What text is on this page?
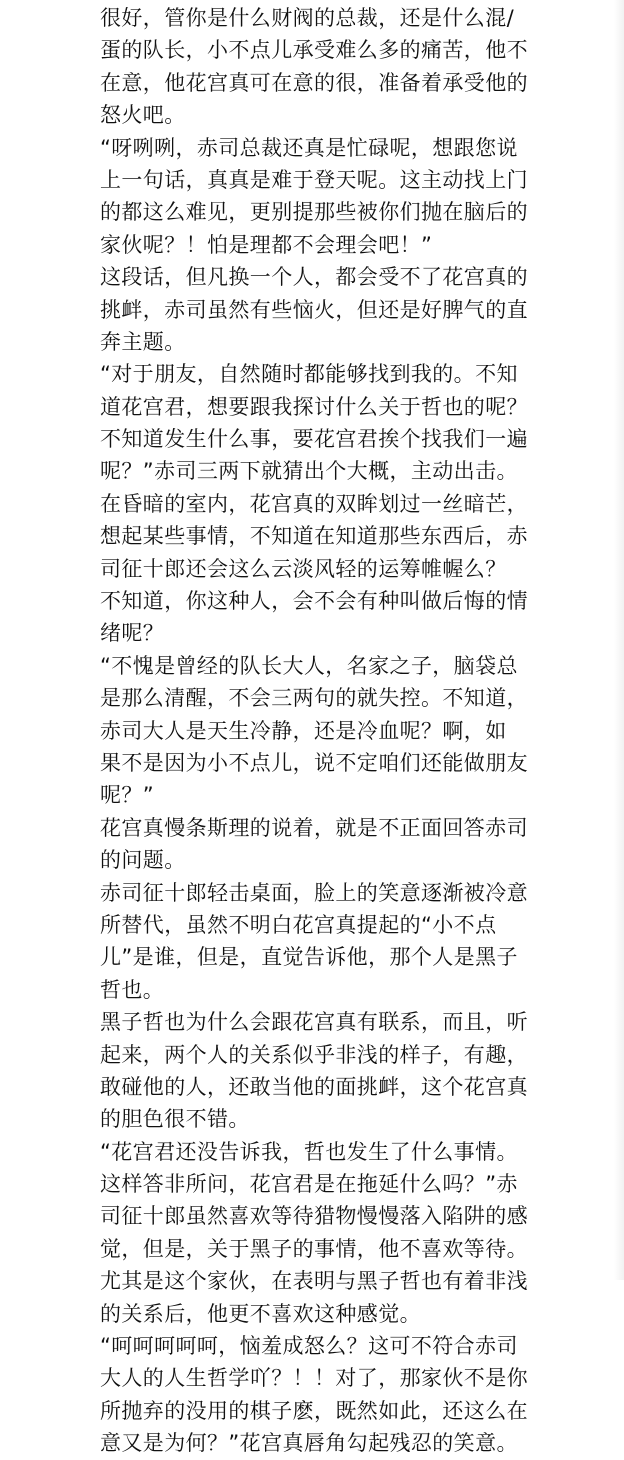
很好，管你是什么财阀的总裁，还是什么混/
蛋的队长，小不点儿承受难么多的痛苦，他不
在意，他花宫真可在意的很，准备着承受他的
怒火吧。
“呀咧咧，赤司总裁还真是忙碌呢，想跟您说
上一句话，真真是难于登天呢。这主动找上门
的都这么难见，更别提那些被你们抛在脑后的
家伙呢？！怕是理都不会理会吧！”
这段话，但凡换一个人，都会受不了花宫真的
挑衅，赤司虽然有些恼火，但还是好脾气的直
奔主题。
“对于朋友，自然随时都能够找到我的。不知
道花宫君，想要跟我探讨什么关于哲也的呢？
不知道发生什么事，要花宫君挨个找我们一遍
呢？”赤司三两下就猜出个大概，主动出击。
在昏暗的室内，花宫真的双眸划过一丝暗芒，
想起某些事情，不知道在知道那些东西后，赤
司征十郎还会这么云淡风轻的运筹帷幄么？
不知道，你这种人，会不会有种叫做后悔的情
绪呢？
“不愧是曾经的队长大人，名家之子，脑袋总
是那么清醒，不会三两句的就失控。不知道，
赤司大人是天生冷静，还是冷血呢？啊，如
果不是因为小不点儿，说不定咱们还能做朋友
呢？”
花宫真慢条斯理的说着，就是不正面回答赤司
的问题。
赤司征十郎轻击桌面，脸上的笑意逐渐被冷意
所替代，虽然不明白花宫真提起的“小不点
儿”是谁，但是，直觉告诉他，那个人是黑子
哲也。
黑子哲也为什么会跟花宫真有联系，而且，听
起来，两个人的关系似乎非浅的样子，有趣，
敢碰他的人，还敢当他的面挑衅，这个花宫真
的胆色很不错。
“花宫君还没告诉我，哲也发生了什么事情。
这样答非所问，花宫君是在拖延什么吗？”赤
司征十郎虽然喜欢等待猎物慢慢落入陷阱的感
觉，但是，关于黑子的事情，他不喜欢等待。
尤其是这个家伙，在表明与黑子哲也有着非浅
的关系后，他更不喜欢这种感觉。
“呵呵呵呵呵，恼羞成怒么？这可不符合赤司
大人的人生哲学吖？！！对了，那家伙不是你
所抛弃的没用的棋子麽，既然如此，还这么在
意又是为何？”花宫真唇角勾起残忍的笑意。
